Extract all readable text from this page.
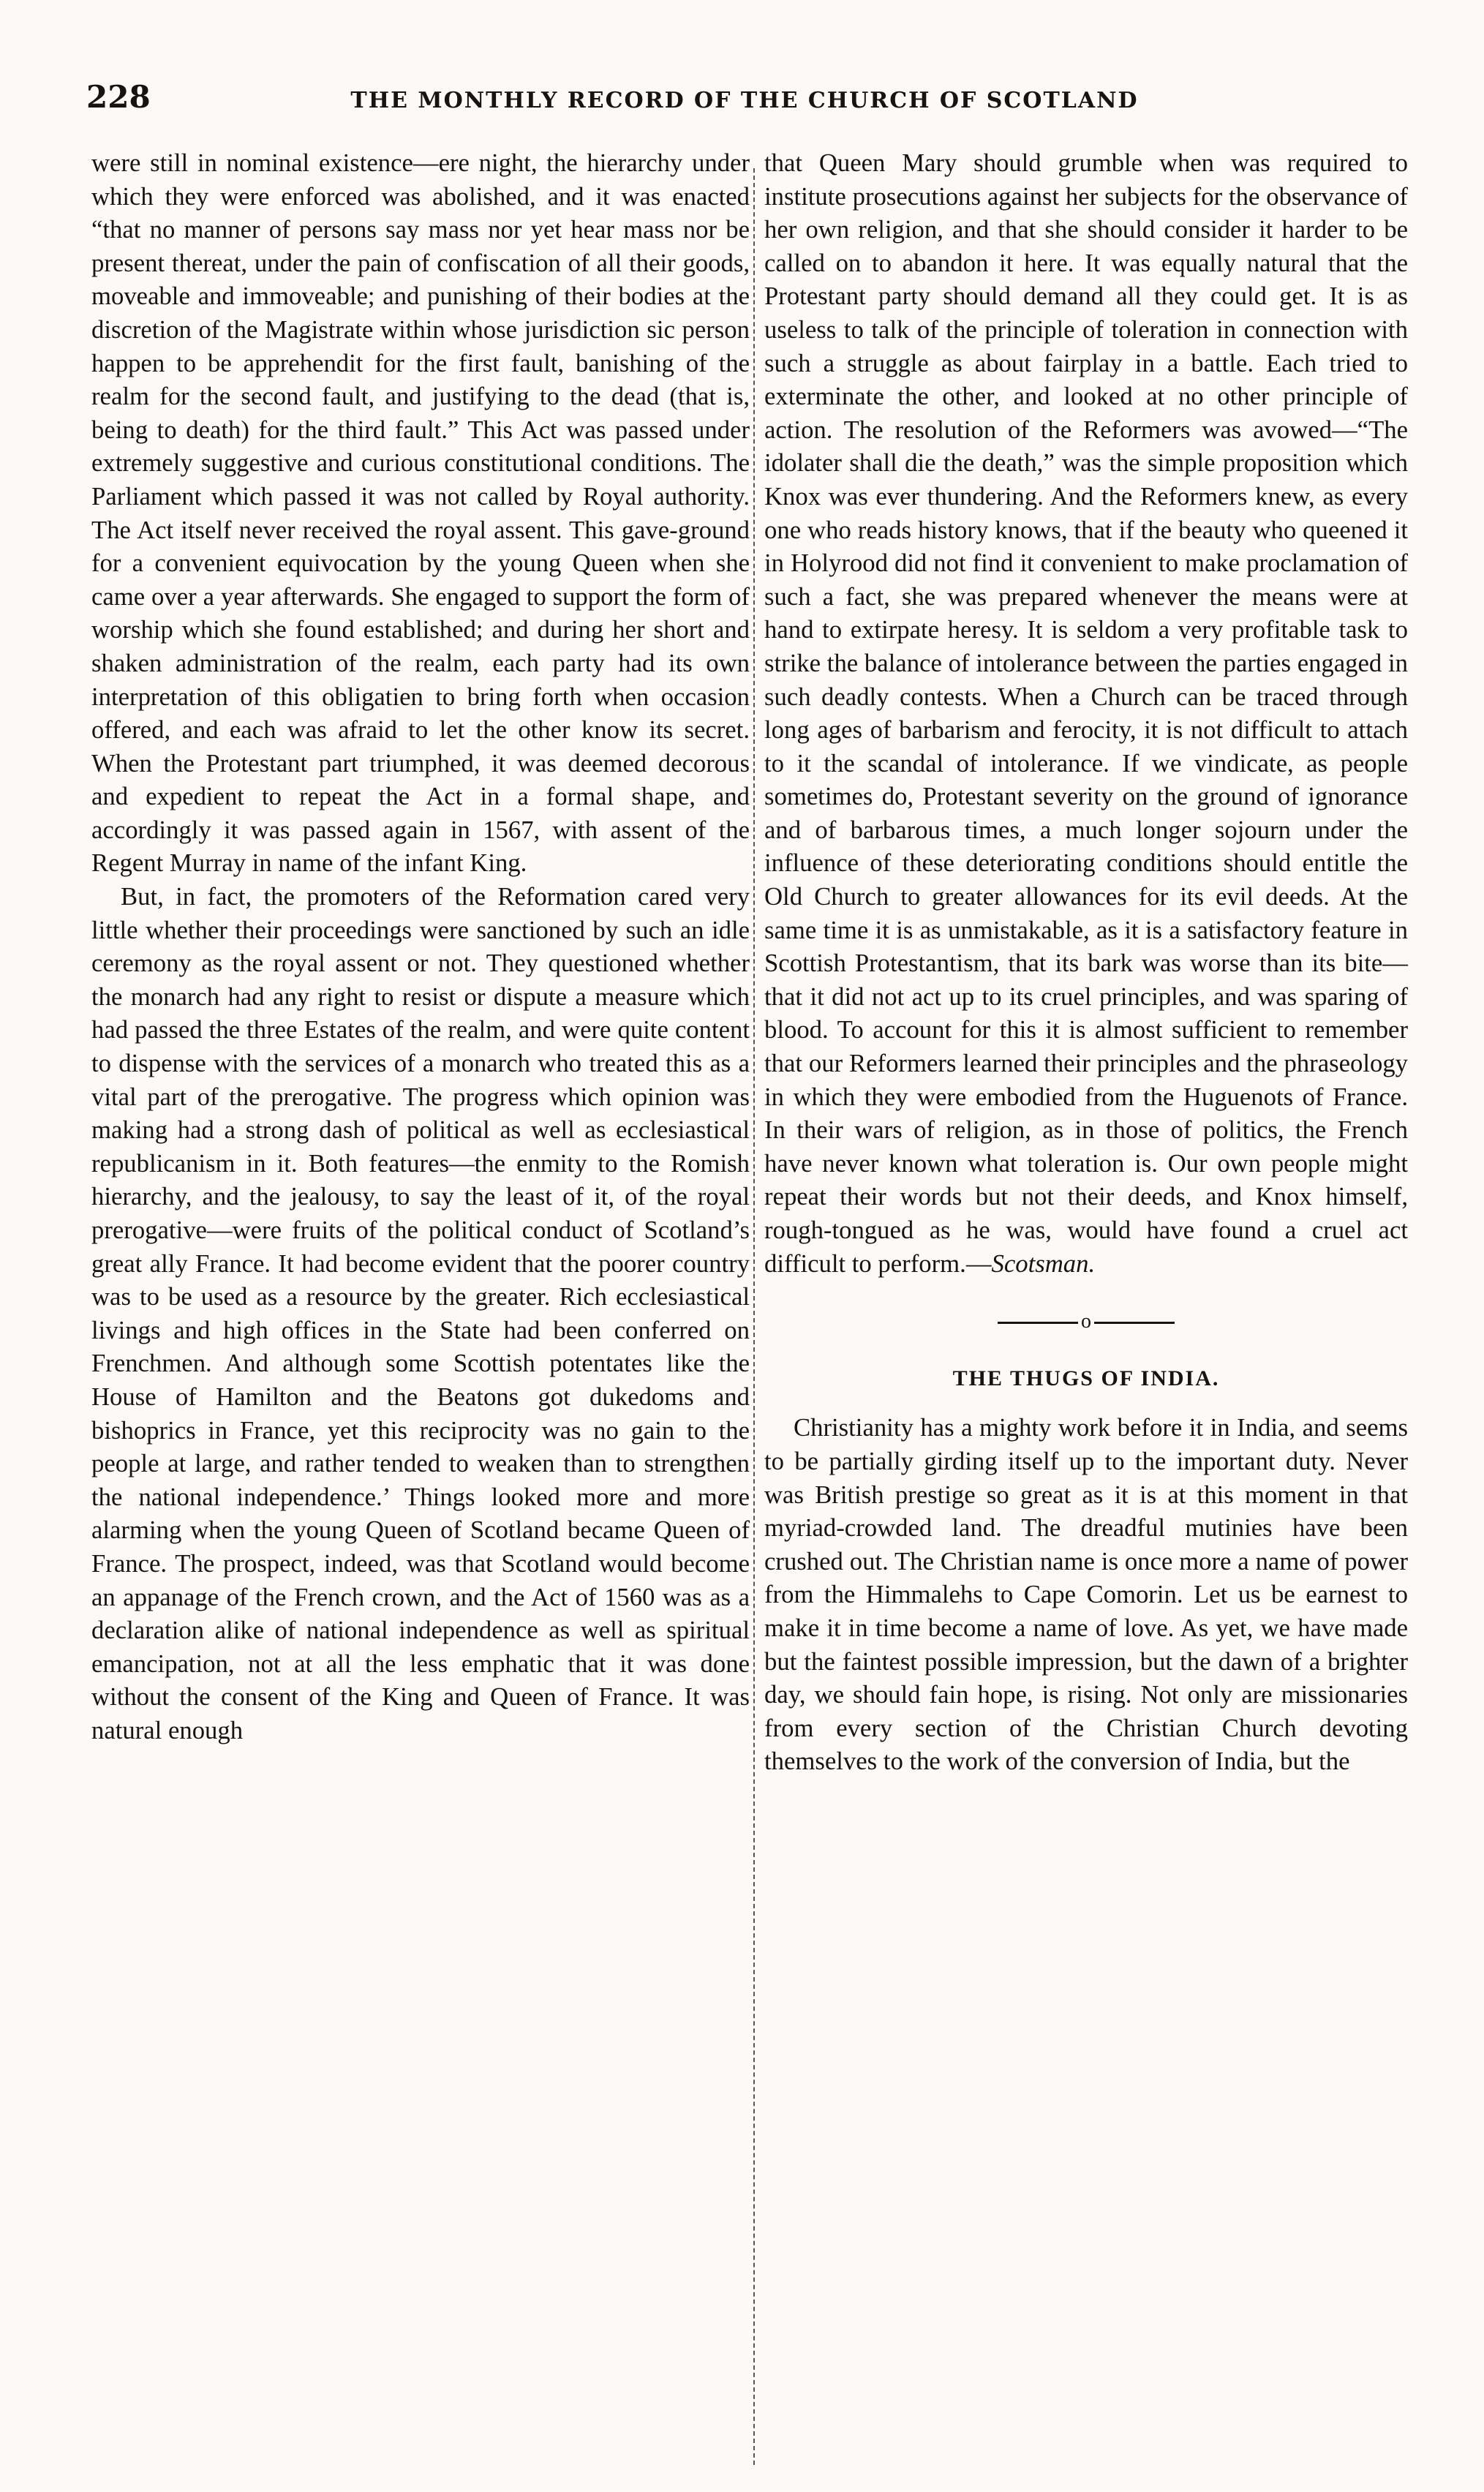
228	THE MONTHLY RECORD OF THE CHURCH OF SCOTLAND

were still in nominal existence—ere night, the hierarchy under which they were enforced was abolished, and it was enacted “that no manner of persons say mass nor yet hear mass nor be present thereat, under the pain of confiscation of all their goods, moveable and immoveable; and punishing of their bodies at the discretion of the Magistrate within whose jurisdiction sic person happen to be apprehendit for the first fault, banishing of the realm for the second fault, and justifying to the dead (that is, being to death) for the third fault.” This Act was passed under extremely suggestive and curious constitutional conditions. The Parliament which passed it was not called by Royal authority. The Act itself never received the royal assent. This gave-ground for a convenient equivocation by the young Queen when she came over a year afterwards. She engaged to support the form of worship which she found established; and during her short and shaken administration of the realm, each party had its own interpretation of this obligatien to bring forth when occasion offered, and each was afraid to let the other know its secret. When the Protestant part triumphed, it was deemed decorous and expedient to repeat the Act in a formal shape, and accordingly it was passed again in 1567, with assent of the Regent Murray in name of the infant King.

But, in fact, the promoters of the Reformation cared very little whether their proceedings were sanctioned by such an idle ceremony as the royal assent or not. They questioned whether the monarch had any right to resist or dispute a measure which had passed the three Estates of the realm, and were quite content to dispense with the services of a monarch who treated this as a vital part of the prerogative. The progress which opinion was making had a strong dash of political as well as ecclesiastical republicanism in it. Both features—the enmity to the Romish hierarchy, and the jealousy, to say the least of it, of the royal prerogative—were fruits of the political conduct of Scotland’s great ally France. It had become evident that the poorer country was to be used as a resource by the greater. Rich ecclesiastical livings and high offices in the State had been conferred on Frenchmen. And although some Scottish potentates like the House of Hamilton and the Beatons got dukedoms and bishoprics in France, yet this reciprocity was no gain to the people at large, and rather tended to weaken than to strengthen the national independence.’ Things looked more and more alarming when the young Queen of Scotland became Queen of France. The prospect, indeed, was that Scotland would become an appanage of the French crown, and the Act of 1560 was as a declaration alike of national independence as well as spiritual emancipation, not at all the less emphatic that it was done without the consent of the King and Queen of France. It was natural enough

that Queen Mary should grumble when was required to institute prosecutions against her subjects for the observance of her own religion, and that she should consider it harder to be called on to abandon it here. It was equally natural that the Protestant party should demand all they could get. It is as useless to talk of the principle of toleration in connection with such a struggle as about fairplay in a battle. Each tried to exterminate the other, and looked at no other principle of action. The resolution of the Reformers was avowed—“The idolater shall die the death,” was the simple proposition which Knox was ever thundering. And the Reformers knew, as every one who reads history knows, that if the beauty who queened it in Holyrood did not find it convenient to make proclamation of such a fact, she was prepared whenever the means were at hand to extirpate heresy. It is seldom a very profitable task to strike the balance of intolerance between the parties engaged in such deadly contests. When a Church can be traced through long ages of barbarism and ferocity, it is not difficult to attach to it the scandal of intolerance. If we vindicate, as people sometimes do, Protestant severity on the ground of ignorance and of barbarous times, a much longer sojourn under the influence of these deteriorating conditions should entitle the Old Church to greater allowances for its evil deeds. At the same time it is as unmistakable, as it is a satisfactory feature in Scottish Protestantism, that its bark was worse than its bite—that it did not act up to its cruel principles, and was sparing of blood. To account for this it is almost sufficient to remember that our Reformers learned their principles and the phraseology in which they were embodied from the Huguenots of France. In their wars of religion, as in those of politics, the French have never known what toleration is. Our own people might repeat their words but not their deeds, and Knox himself, rough-tongued as he was, would have found a cruel act difficult to perform.—Scotsman.

o
THE THUGS OF INDIA.

Christianity has a mighty work before it in India, and seems to be partially girding itself up to the important duty. Never was British prestige so great as it is at this moment in that myriad-crowded land. The dreadful mutinies have been crushed out. The Christian name is once more a name of power from the Himmalehs to Cape Comorin. Let us be earnest to make it in time become a name of love. As yet, we have made but the faintest possible impression, but the dawn of a brighter day, we should fain hope, is rising. Not only are missionaries from every section of the Christian Church devoting themselves to the work of the conversion of India, but the
